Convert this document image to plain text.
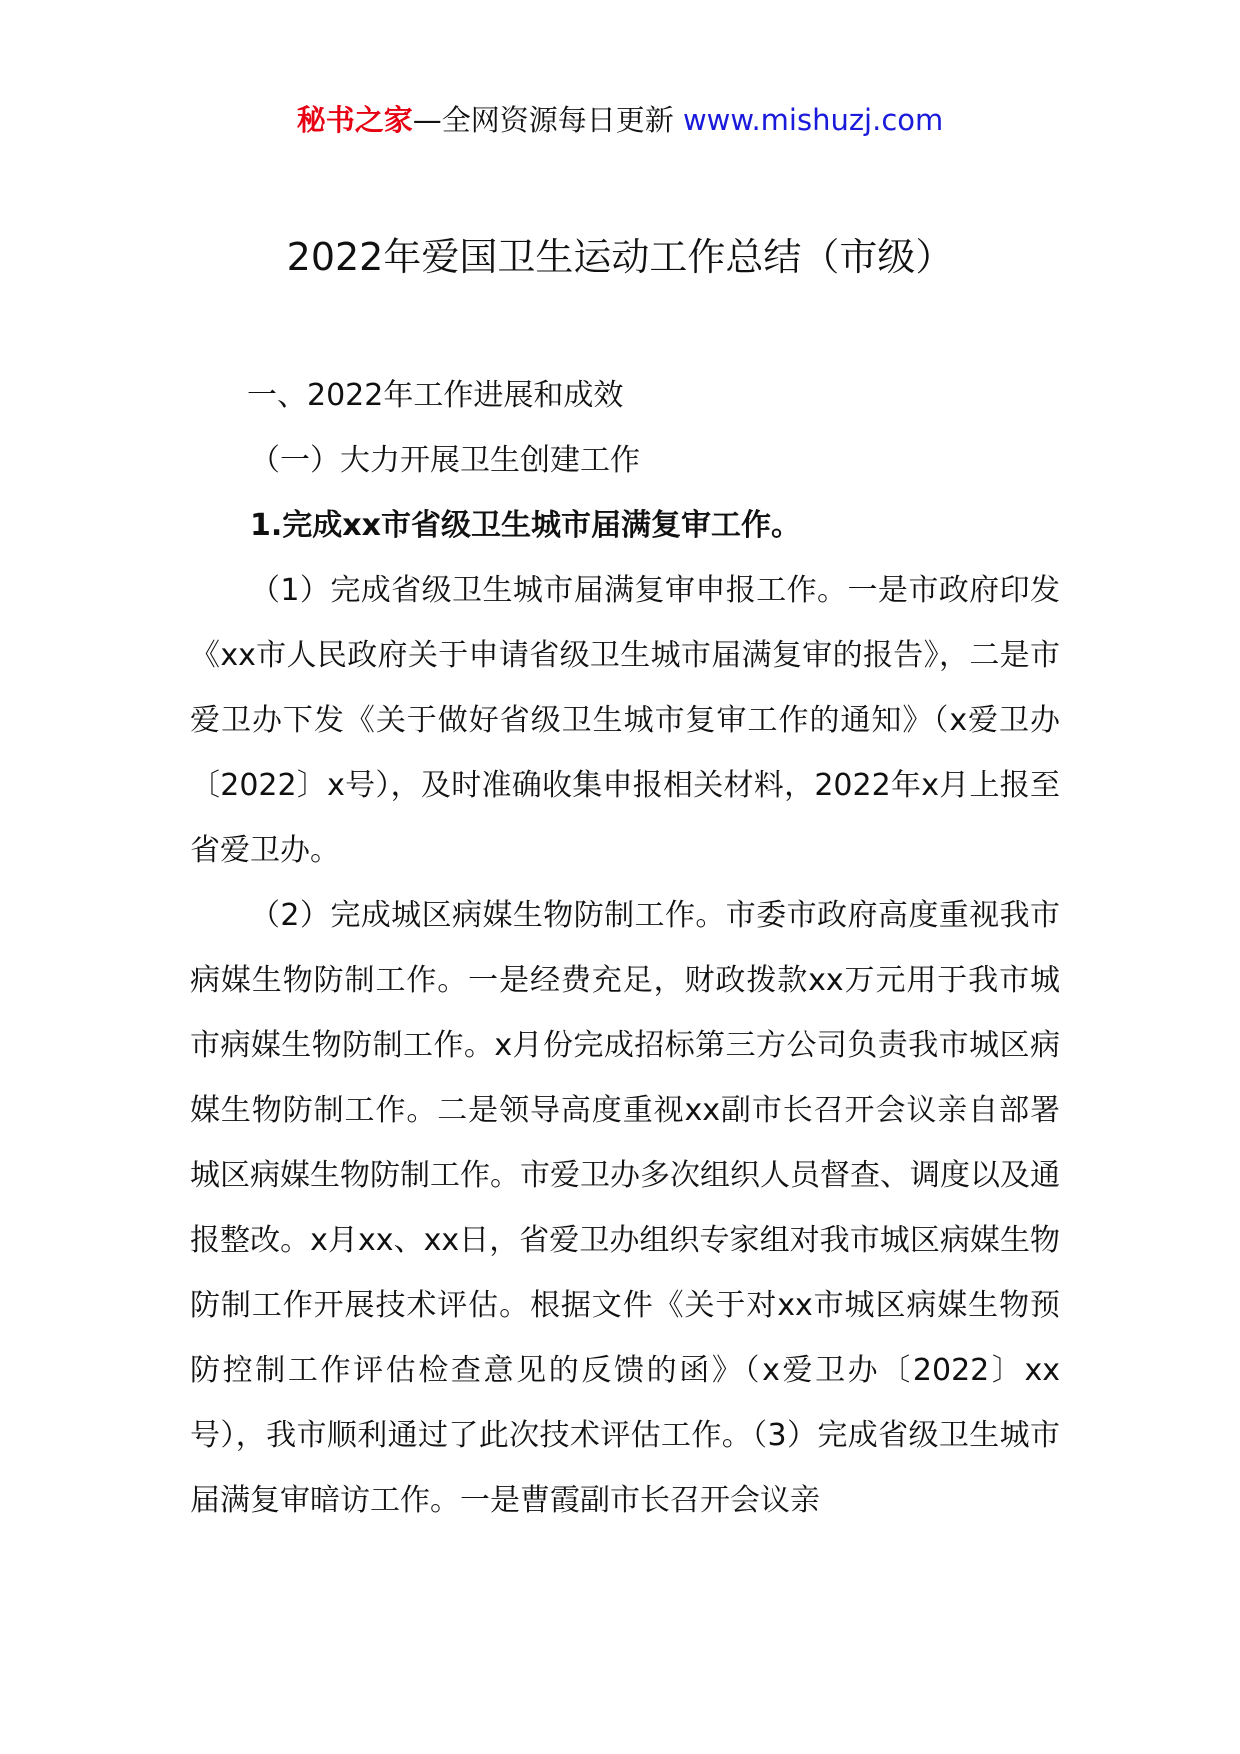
秘书之家—全网资源每日更新 www.mishuzj.com
2022年爱国卫生运动工作总结（市级）

一、2022年工作进展和成效

（一）大力开展卫生创建工作

1.完成xx市省级卫生城市届满复审工作。

（1）完成省级卫生城市届满复审申报工作。一是市政府印发《xx市人民政府关于申请省级卫生城市届满复审的报告》，二是市爱卫办下发《关于做好省级卫生城市复审工作的通知》（x爱卫办〔2022〕x号），及时准确收集申报相关材料，2022年x月上报至省爱卫办。

（2）完成城区病媒生物防制工作。市委市政府高度重视我市病媒生物防制工作。一是经费充足，财政拨款xx万元用于我市城市病媒生物防制工作。x月份完成招标第三方公司负责我市城区病媒生物防制工作。二是领导高度重视xx副市长召开会议亲自部署城区病媒生物防制工作。市爱卫办多次组织人员督查、调度以及通报整改。x月xx、xx日，省爱卫办组织专家组对我市城区病媒生物防制工作开展技术评估。根据文件《关于对xx市城区病媒生物预防控制工作评估检查意见的反馈的函》（x爱卫办〔2022〕xx号），我市顺利通过了此次技术评估工作。（3）完成省级卫生城市届满复审暗访工作。一是曹霞副市长召开会议亲
